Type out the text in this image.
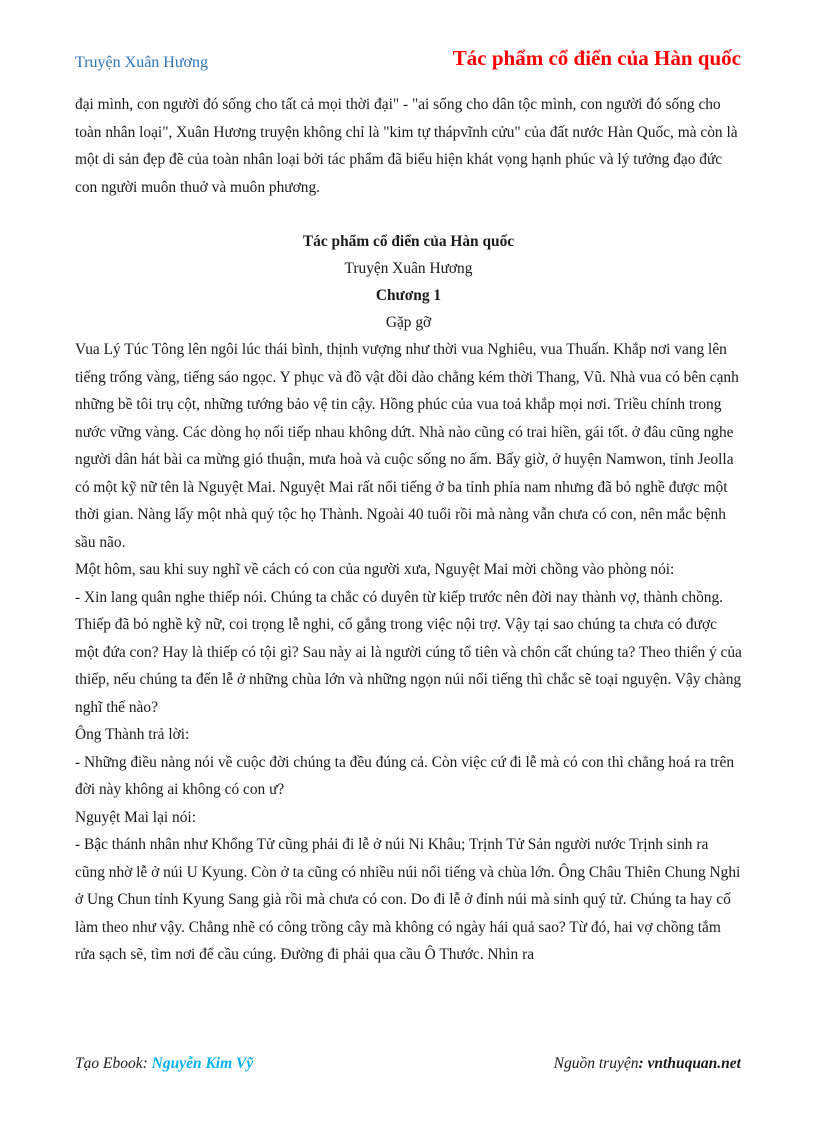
Truyện Xuân Hương	Tác phẩm cổ điển của Hàn quốc

đại mình, con người đó sống cho tất cả mọi thời đại" - "ai sống cho dân tộc mình, con người đó sống cho toàn nhân loại", Xuân Hương truyện không chỉ là "kim tự thápvĩnh cửu" của đất nước Hàn Quốc, mà còn là một di sản đẹp đẽ của toàn nhân loại bởi tác phẩm đã biểu hiện khát vọng hạnh phúc và lý tưởng đạo đức con người muôn thuở và muôn phương.

Tác phẩm cổ điển của Hàn quốc

Truyện Xuân Hương

Chương 1

Gặp gỡ

Vua Lý Túc Tông lên ngôi lúc thái bình, thịnh vượng như thời vua Nghiêu, vua Thuấn. Khắp nơi vang lên tiếng trống vàng, tiếng sáo ngọc. Y phục và đồ vật dồi dào chẳng kém thời Thang, Vũ. Nhà vua có bên cạnh những bề tôi trụ cột, những tướng bảo vệ tin cậy. Hồng phúc của vua toả khắp mọi nơi. Triều chính trong nước vững vàng. Các dòng họ nối tiếp nhau không dứt. Nhà nào cũng có trai hiền, gái tốt. ở đâu cũng nghe người dân hát bài ca mừng gió thuận, mưa hoà và cuộc sống no ấm. Bấy giờ, ở huyện Namwon, tỉnh Jeolla có một kỹ nữ tên là Nguyệt Mai. Nguyệt Mai rất nổi tiếng ở ba tỉnh phía nam nhưng đã bỏ nghề được một thời gian. Nàng lấy một nhà quý tộc họ Thành. Ngoài 40 tuổi rồi mà nàng vẫn chưa có con, nên mắc bệnh sầu não.

Một hôm, sau khi suy nghĩ về cách có con của người xưa, Nguyệt Mai mời chồng vào phòng nói:

- Xin lang quân nghe thiếp nói. Chúng ta chắc có duyên từ kiếp trước nên đời nay thành vợ, thành chồng. Thiếp đã bỏ nghề kỹ nữ, coi trọng lễ nghi, cố gắng trong việc nội trợ. Vậy tại sao chúng ta chưa có được một đứa con? Hay là thiếp có tội gì? Sau này ai là người cúng tổ tiên và chôn cất chúng ta? Theo thiển ý của thiếp, nếu chúng ta đến lễ ở những chùa lớn và những ngọn núi nổi tiếng thì chắc sẽ toại nguyện. Vậy chàng nghĩ thế nào?

Ông Thành trả lời:

- Những điều nàng nói về cuộc đời chúng ta đều đúng cả. Còn việc cứ đi lễ mà có con thì chẳng hoá ra trên đời này không ai không có con ư?

Nguyệt Mai lại nói:

- Bậc thánh nhân như Khổng Tử cũng phải đi lễ ở núi Ni Khâu; Trịnh Tử Sản người nước Trịnh sinh ra cũng nhờ lễ ở núi U Kyung. Còn ở ta cũng có nhiều núi nổi tiếng và chùa lớn. Ông Châu Thiên Chung Nghi ở Ung Chun tỉnh Kyung Sang già rồi mà chưa có con. Do đi lễ ở đỉnh núi mà sinh quý tử. Chúng ta hay cố làm theo như vậy. Chẳng nhẽ có công trồng cây mà không có ngày hái quả sao? Từ đó, hai vợ chồng tắm rửa sạch sẽ, tìm nơi để cầu cúng. Đường đi phải qua cầu Ô Thước. Nhìn ra

Tạo Ebook: Nguyễn Kim Vỹ	Nguồn truyện: vnthuquan.net
